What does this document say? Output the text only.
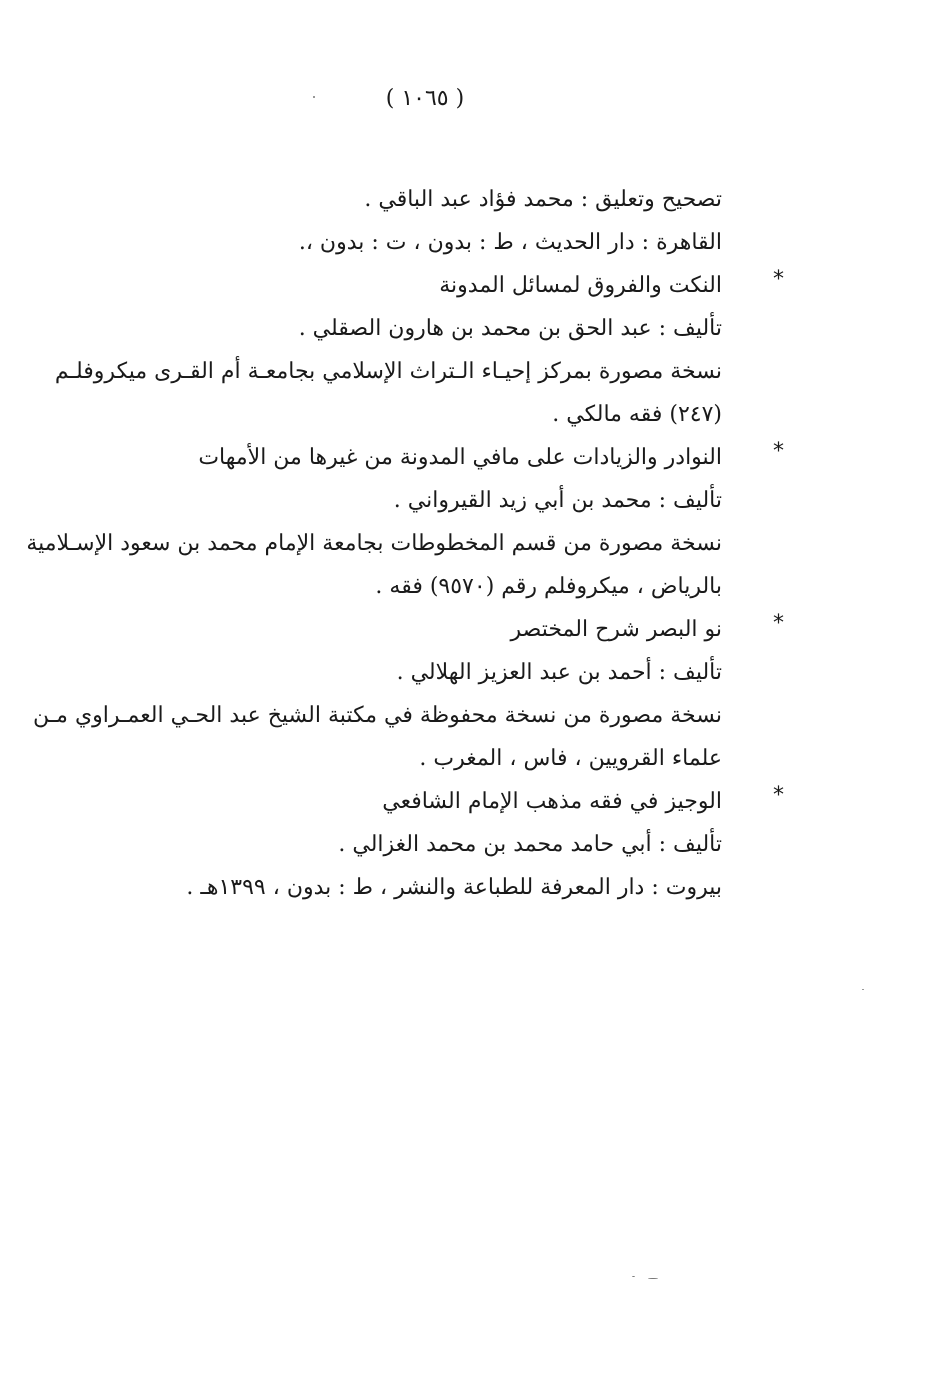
( ١٠٦٥ )
تصحيح وتعليق : محمد فؤاد عبد الباقي .
القاهرة : دار الحديث ، ط : بدون ، ت : بدون ،.
*
النكت والفروق لمسائل المدونة
تأليف : عبد الحق بن محمد بن هارون الصقلي .
نسخة مصورة بمركز إحيـاء الـتراث الإسلامي بجامعـة أم القـرى ميكروفلـم
(٢٤٧) فقه مالكي .
*
النوادر والزيادات على مافي المدونة من غيرها من الأمهات
تأليف : محمد بن أبي زيد القيرواني .
نسخة مصورة من قسم المخطوطات بجامعة الإمام محمد بن سعود الإسـلامية
بالرياض ، ميكروفلم رقم (٩٥٧٠) فقه .
*
نو البصر شرح المختصر
تأليف : أحمد بن عبد العزيز الهلالي .
نسخة مصورة من نسخة محفوظة في مكتبة الشيخ عبد الحـي العمـراوي مـن
علماء القرويين ، فاس ، المغرب .
*
الوجيز في فقه مذهب الإمام الشافعي
تأليف : أبي حامد محمد بن محمد الغزالي .
بيروت : دار المعرفة للطباعة والنشر ، ط : بدون ، ١٣٩٩هـ .
